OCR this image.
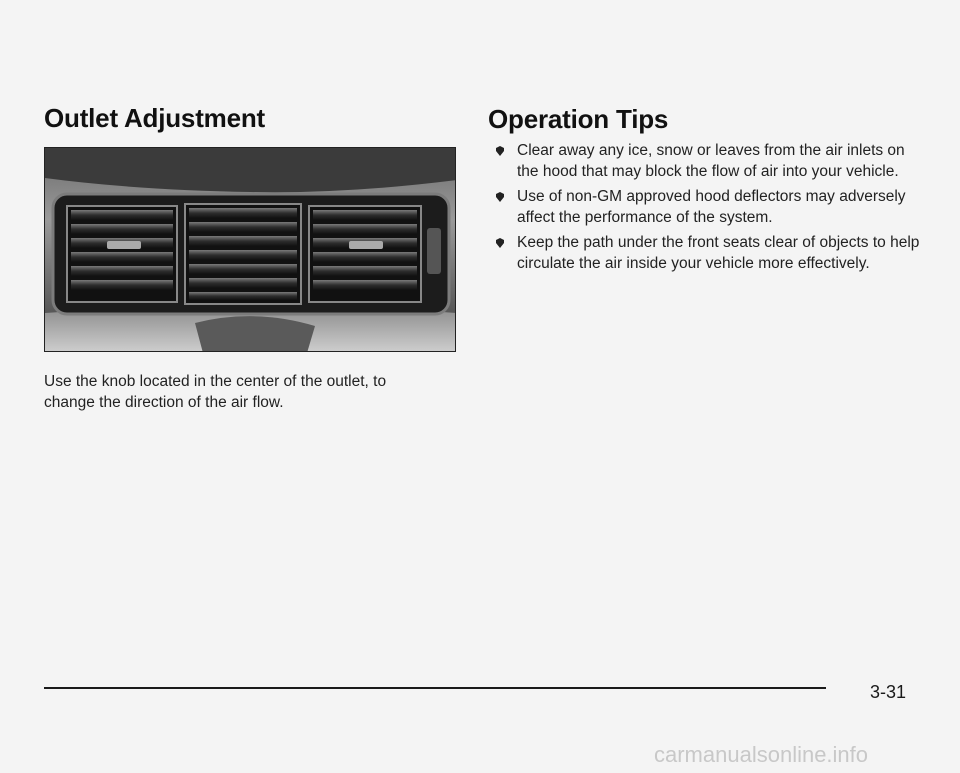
Outlet Adjustment

Use the knob located in the center of the outlet, to change the direction of the air flow.

Operation Tips
Clear away any ice, snow or leaves from the air inlets on the hood that may block the flow of air into your vehicle.
Use of non-GM approved hood deflectors may adversely affect the performance of the system.
Keep the path under the front seats clear of objects to help circulate the air inside your vehicle more effectively.
3-31
carmanualsonline.info
